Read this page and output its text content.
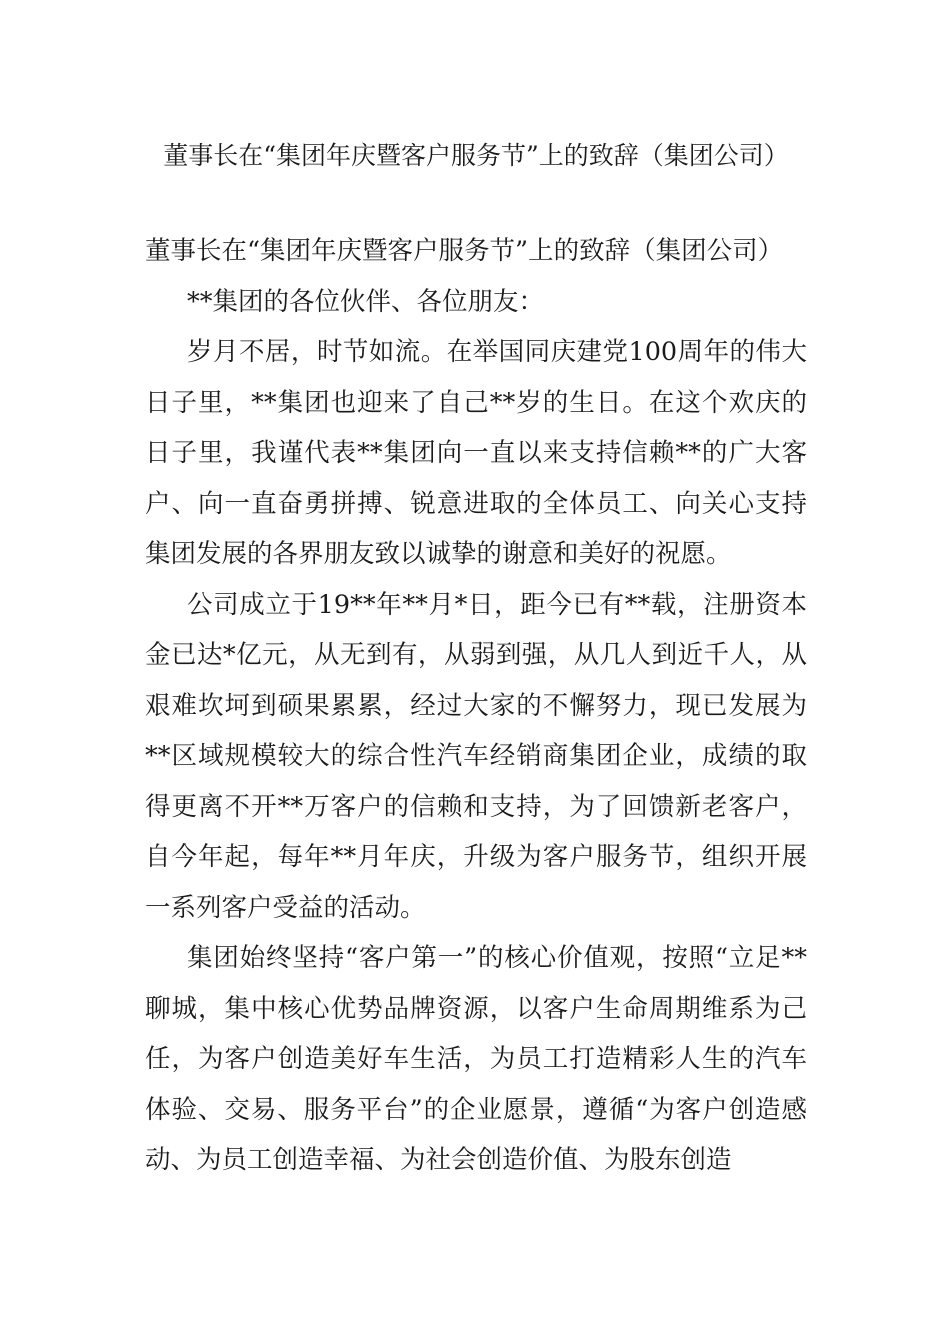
董事长在“集团年庆暨客户服务节”上的致辞（集团公司）

董事长在“集团年庆暨客户服务节”上的致辞（集团公司）

**集团的各位伙伴、各位朋友：

岁月不居，时节如流。在举国同庆建党100周年的伟大日子里，**集团也迎来了自己**岁的生日。在这个欢庆的日子里，我谨代表**集团向一直以来支持信赖**的广大客户、向一直奋勇拼搏、锐意进取的全体员工、向关心支持集团发展的各界朋友致以诚挚的谢意和美好的祝愿。

公司成立于19**年**月*日，距今已有**载，注册资本金已达*亿元，从无到有，从弱到强，从几人到近千人，从艰难坎坷到硕果累累，经过大家的不懈努力，现已发展为**区域规模较大的综合性汽车经销商集团企业，成绩的取得更离不开**万客户的信赖和支持，为了回馈新老客户，自今年起，每年**月年庆，升级为客户服务节，组织开展一系列客户受益的活动。

集团始终坚持“客户第一”的核心价值观，按照“立足**聊城，集中核心优势品牌资源，以客户生命周期维系为己任，为客户创造美好车生活，为员工打造精彩人生的汽车体验、交易、服务平台”的企业愿景，遵循“为客户创造感动、为员工创造幸福、为社会创造价值、为股东创造
